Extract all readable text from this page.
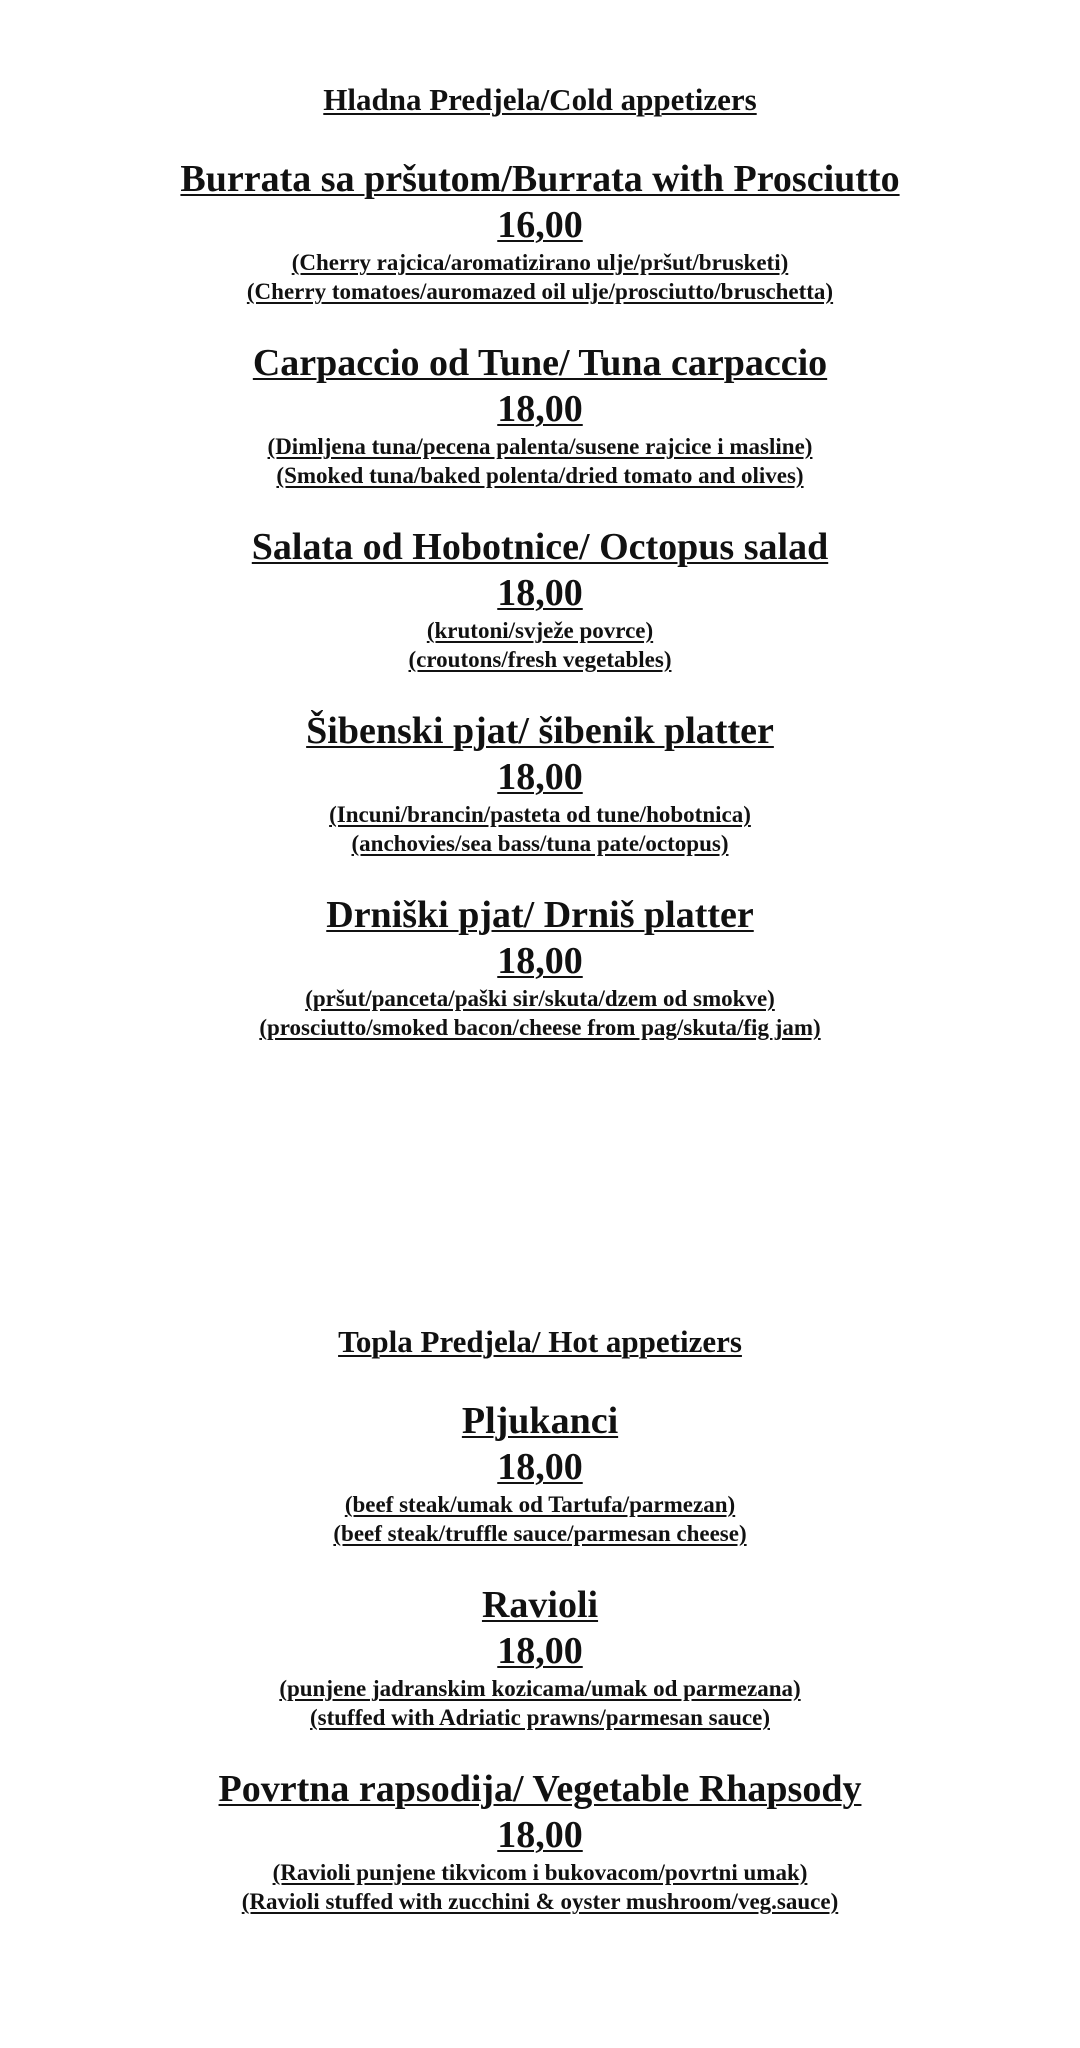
Hladna Predjela/Cold appetizers

Burrata sa pršutom/Burrata with Prosciutto

16,00

(Cherry rajcica/aromatizirano ulje/pršut/brusketi)
(Cherry tomatoes/auromazed oil ulje/prosciutto/bruschetta)

Carpaccio od Tune/ Tuna carpaccio

18,00

(Dimljena tuna/pecena palenta/susene rajcice i masline)
(Smoked tuna/baked polenta/dried tomato and olives)

Salata od Hobotnice/ Octopus salad

18,00

(krutoni/svježe povrce)
(croutons/fresh vegetables)

Šibenski pjat/ šibenik platter

18,00

(Incuni/brancin/pasteta od tune/hobotnica)
(anchovies/sea bass/tuna pate/octopus)

Drniški pjat/ Drniš platter

18,00

(pršut/panceta/paški sir/skuta/dzem od smokve)
(prosciutto/smoked bacon/cheese from pag/skuta/fig jam)

Topla Predjela/ Hot appetizers

Pljukanci

18,00

(beef steak/umak od Tartufa/parmezan)
(beef steak/truffle sauce/parmesan cheese)

Ravioli

18,00

(punjene jadranskim kozicama/umak od parmezana)
(stuffed with Adriatic prawns/parmesan sauce)

Povrtna rapsodija/ Vegetable Rhapsody

18,00

(Ravioli punjene tikvicom i bukovacom/povrtni umak)
(Ravioli stuffed with zucchini & oyster mushroom/veg.sauce)
